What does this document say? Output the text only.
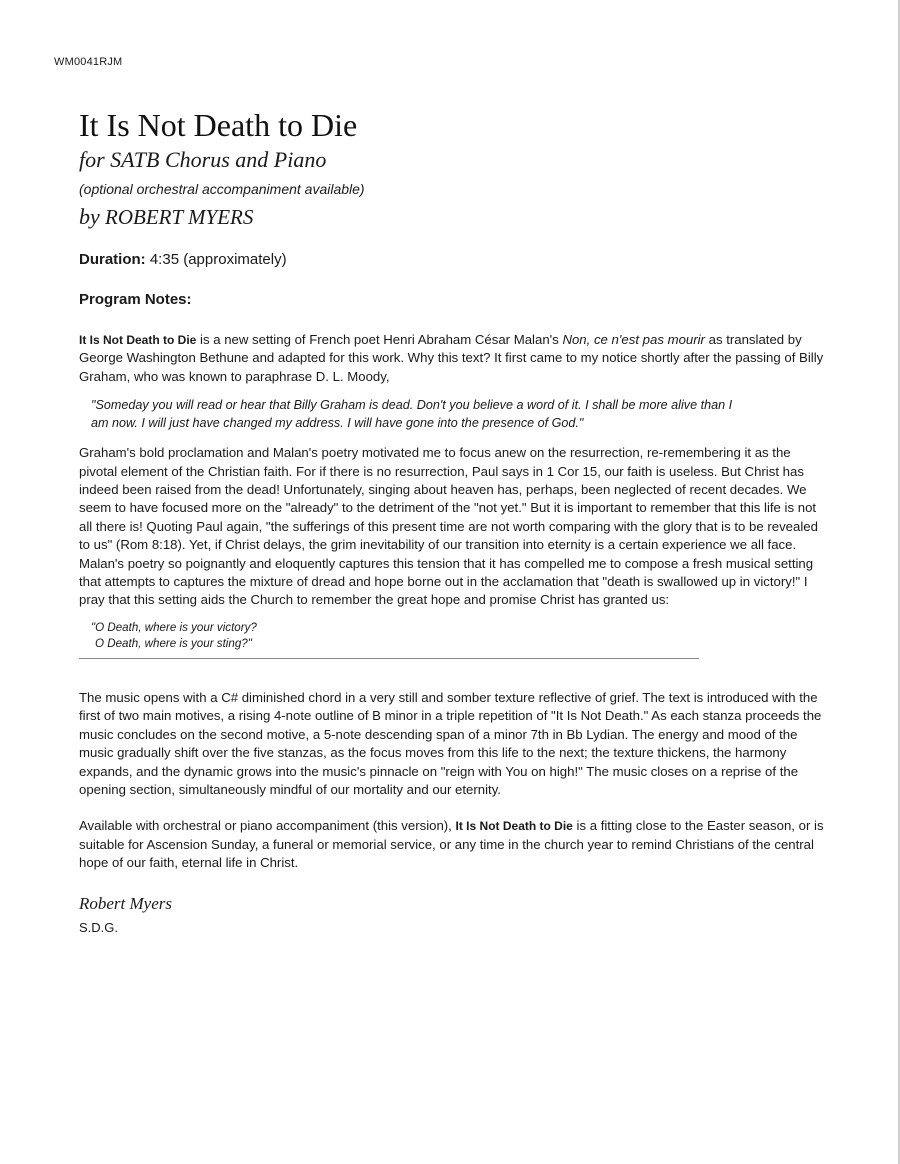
WM0041RJM
It Is Not Death to Die
for SATB Chorus and Piano
(optional orchestral accompaniment available)
by ROBERT MYERS
Duration: 4:35 (approximately)
Program Notes:

It Is Not Death to Die is a new setting of French poet Henri Abraham César Malan's Non, ce n'est pas mourir as translated by George Washington Bethune and adapted for this work. Why this text? It first came to my notice shortly after the passing of Billy Graham, who was known to paraphrase D. L. Moody,

"Someday you will read or hear that Billy Graham is dead. Don't you believe a word of it. I shall be more alive than I am now. I will just have changed my address. I will have gone into the presence of God."

Graham's bold proclamation and Malan's poetry motivated me to focus anew on the resurrection, re-remembering it as the pivotal element of the Christian faith. For if there is no resurrection, Paul says in 1 Cor 15, our faith is useless. But Christ has indeed been raised from the dead! Unfortunately, singing about heaven has, perhaps, been neglected of recent decades. We seem to have focused more on the "already" to the detriment of the "not yet." But it is important to remember that this life is not all there is! Quoting Paul again, "the sufferings of this present time are not worth comparing with the glory that is to be revealed to us" (Rom 8:18). Yet, if Christ delays, the grim inevitability of our transition into eternity is a certain experience we all face. Malan's poetry so poignantly and eloquently captures this tension that it has compelled me to compose a fresh musical setting that attempts to captures the mixture of dread and hope borne out in the acclamation that "death is swallowed up in victory!" I pray that this setting aids the Church to remember the great hope and promise Christ has granted us:

"O Death, where is your victory?
O Death, where is your sting?"

The music opens with a C# diminished chord in a very still and somber texture reflective of grief. The text is introduced with the first of two main motives, a rising 4-note outline of B minor in a triple repetition of "It Is Not Death." As each stanza proceeds the music concludes on the second motive, a 5-note descending span of a minor 7th in Bb Lydian. The energy and mood of the music gradually shift over the five stanzas, as the focus moves from this life to the next; the texture thickens, the harmony expands, and the dynamic grows into the music's pinnacle on "reign with You on high!" The music closes on a reprise of the opening section, simultaneously mindful of our mortality and our eternity.

Available with orchestral or piano accompaniment (this version), It Is Not Death to Die is a fitting close to the Easter season, or is suitable for Ascension Sunday, a funeral or memorial service, or any time in the church year to remind Christians of the central hope of our faith, eternal life in Christ.

Robert Myers
S.D.G.
